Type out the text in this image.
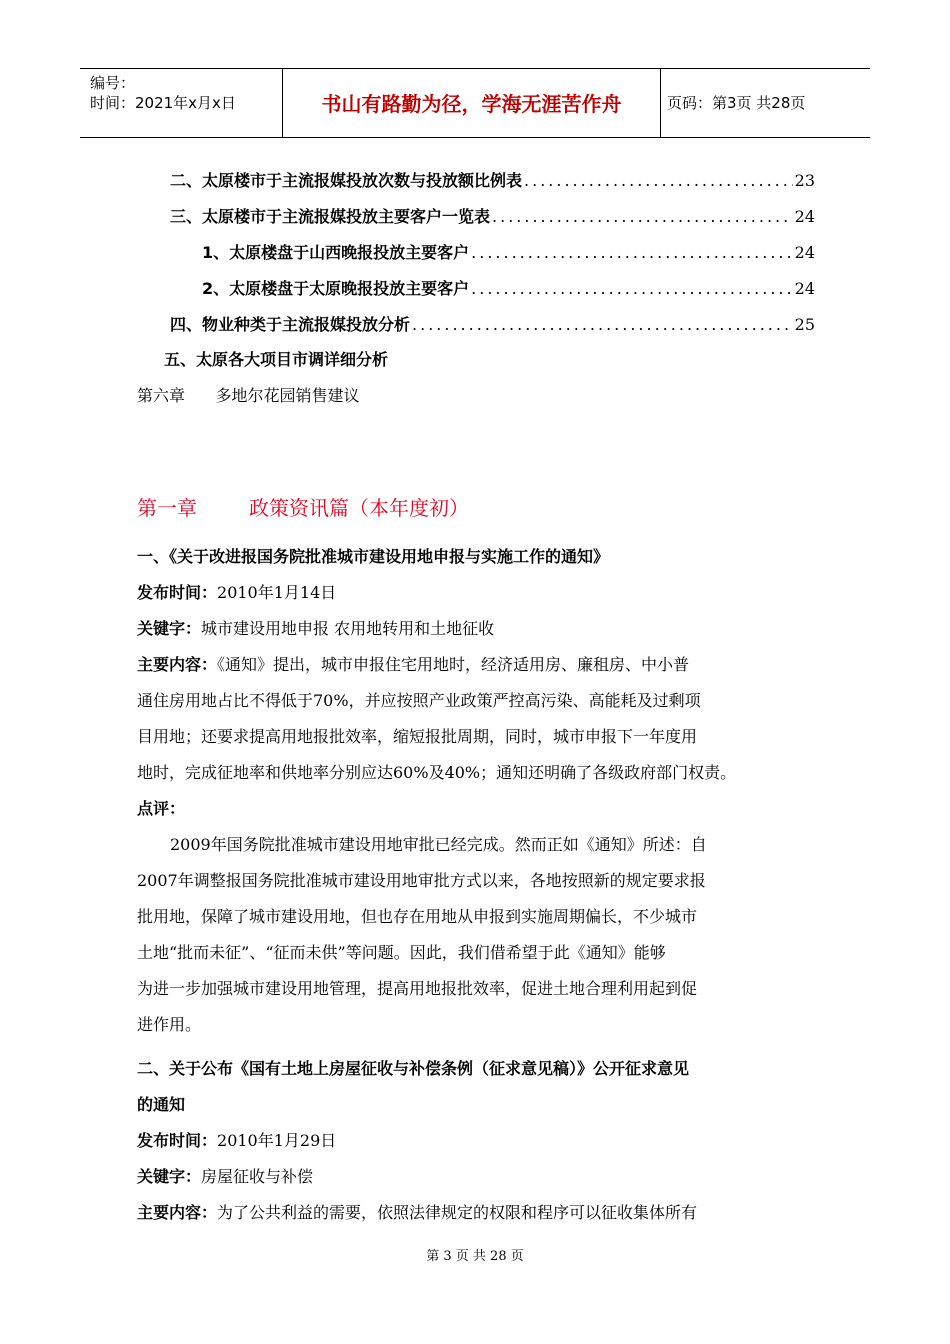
编号：
时间：2021年x月x日	书山有路勤为径，学海无涯苦作舟	页码：第3页 共28页
二、太原楼市于主流报媒投放次数与投放额比例表 .....	23
三、太原楼市于主流报媒投放主要客户一览表 .....	24
1、太原楼盘于山西晚报投放主要客户 .....	24
2、太原楼盘于太原晚报投放主要客户 .....	24
四、物业种类于主流报媒投放分析 .....	25
五、太原各大项目市调详细分析
第六章      多地尔花园销售建议
第一章	政策资讯篇（本年度初）
一、《关于改进报国务院批准城市建设用地申报与实施工作的通知》
发布时间：2010年1月14日
关键字：城市建设用地申报 农用地转用和土地征收
主要内容：《通知》提出，城市申报住宅用地时，经济适用房、廉租房、中小普
通住房用地占比不得低于70%，并应按照产业政策严控高污染、高能耗及过剩项
目用地；还要求提高用地报批效率，缩短报批周期，同时，城市申报下一年度用
地时，完成征地率和供地率分别应达60%及40%；通知还明确了各级政府部门权责。
点评：
2009年国务院批准城市建设用地审批已经完成。然而正如《通知》所述：自
2007年调整报国务院批准城市建设用地审批方式以来，各地按照新的规定要求报
批用地，保障了城市建设用地，但也存在用地从申报到实施周期偏长，不少城市
土地“批而未征”、“征而未供”等问题。因此，我们借希望于此《通知》能够
为进一步加强城市建设用地管理，提高用地报批效率，促进土地合理利用起到促
进作用。
二、关于公布《国有土地上房屋征收与补偿条例（征求意见稿）》公开征求意见
的通知
发布时间：2010年1月29日
关键字：房屋征收与补偿
主要内容：为了公共利益的需要，依照法律规定的权限和程序可以征收集体所有
第 3 页 共 28 页
